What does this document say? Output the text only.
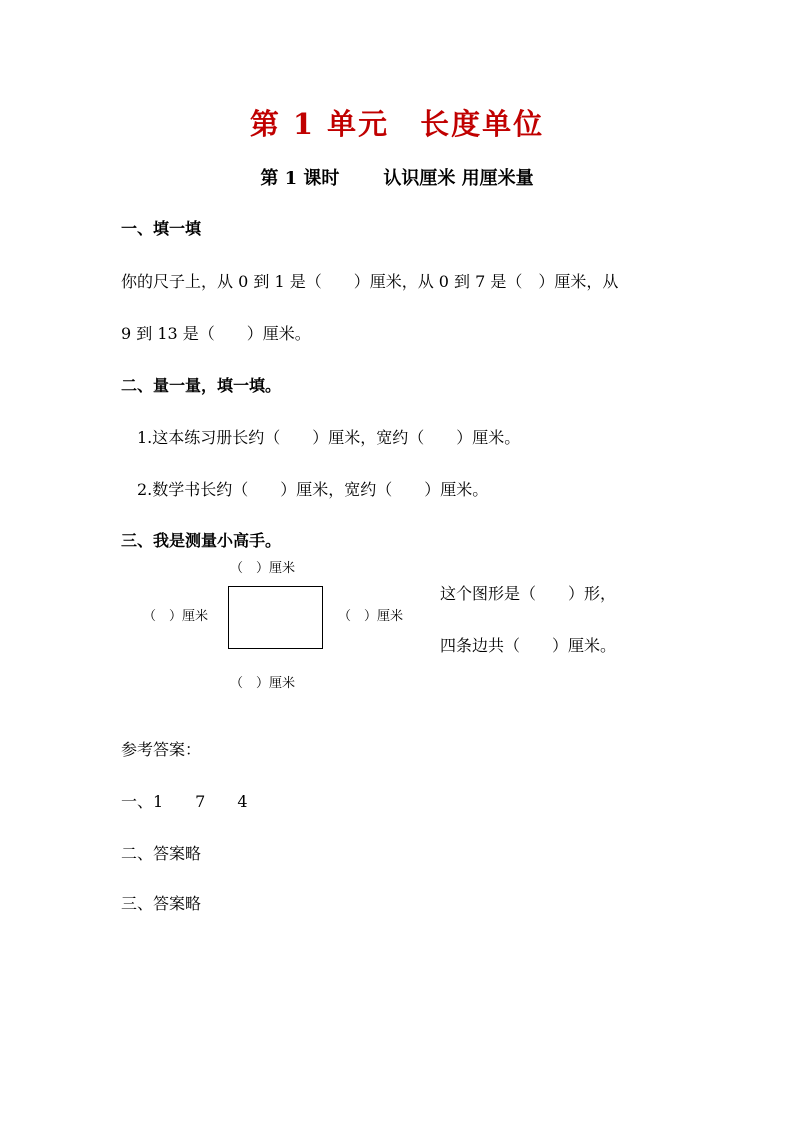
第 1 单元　长度单位
第 1 课时 认识厘米 用厘米量
一、填一填
你的尺子上，从 0 到 1 是（　　）厘米，从 0 到 7 是（　）厘米，从
9 到 13 是（　　）厘米。
二、量一量，填一填。
1.这本练习册长约（　　）厘米，宽约（　　）厘米。
2.数学书长约（　　）厘米，宽约（　　）厘米。
三、我是测量小高手。
（　）厘米
（　）厘米	（　）厘米
（　）厘米
这个图形是（　　）形，
四条边共（　　）厘米。
参考答案：
一、1　　7　　4
二、答案略
三、答案略
